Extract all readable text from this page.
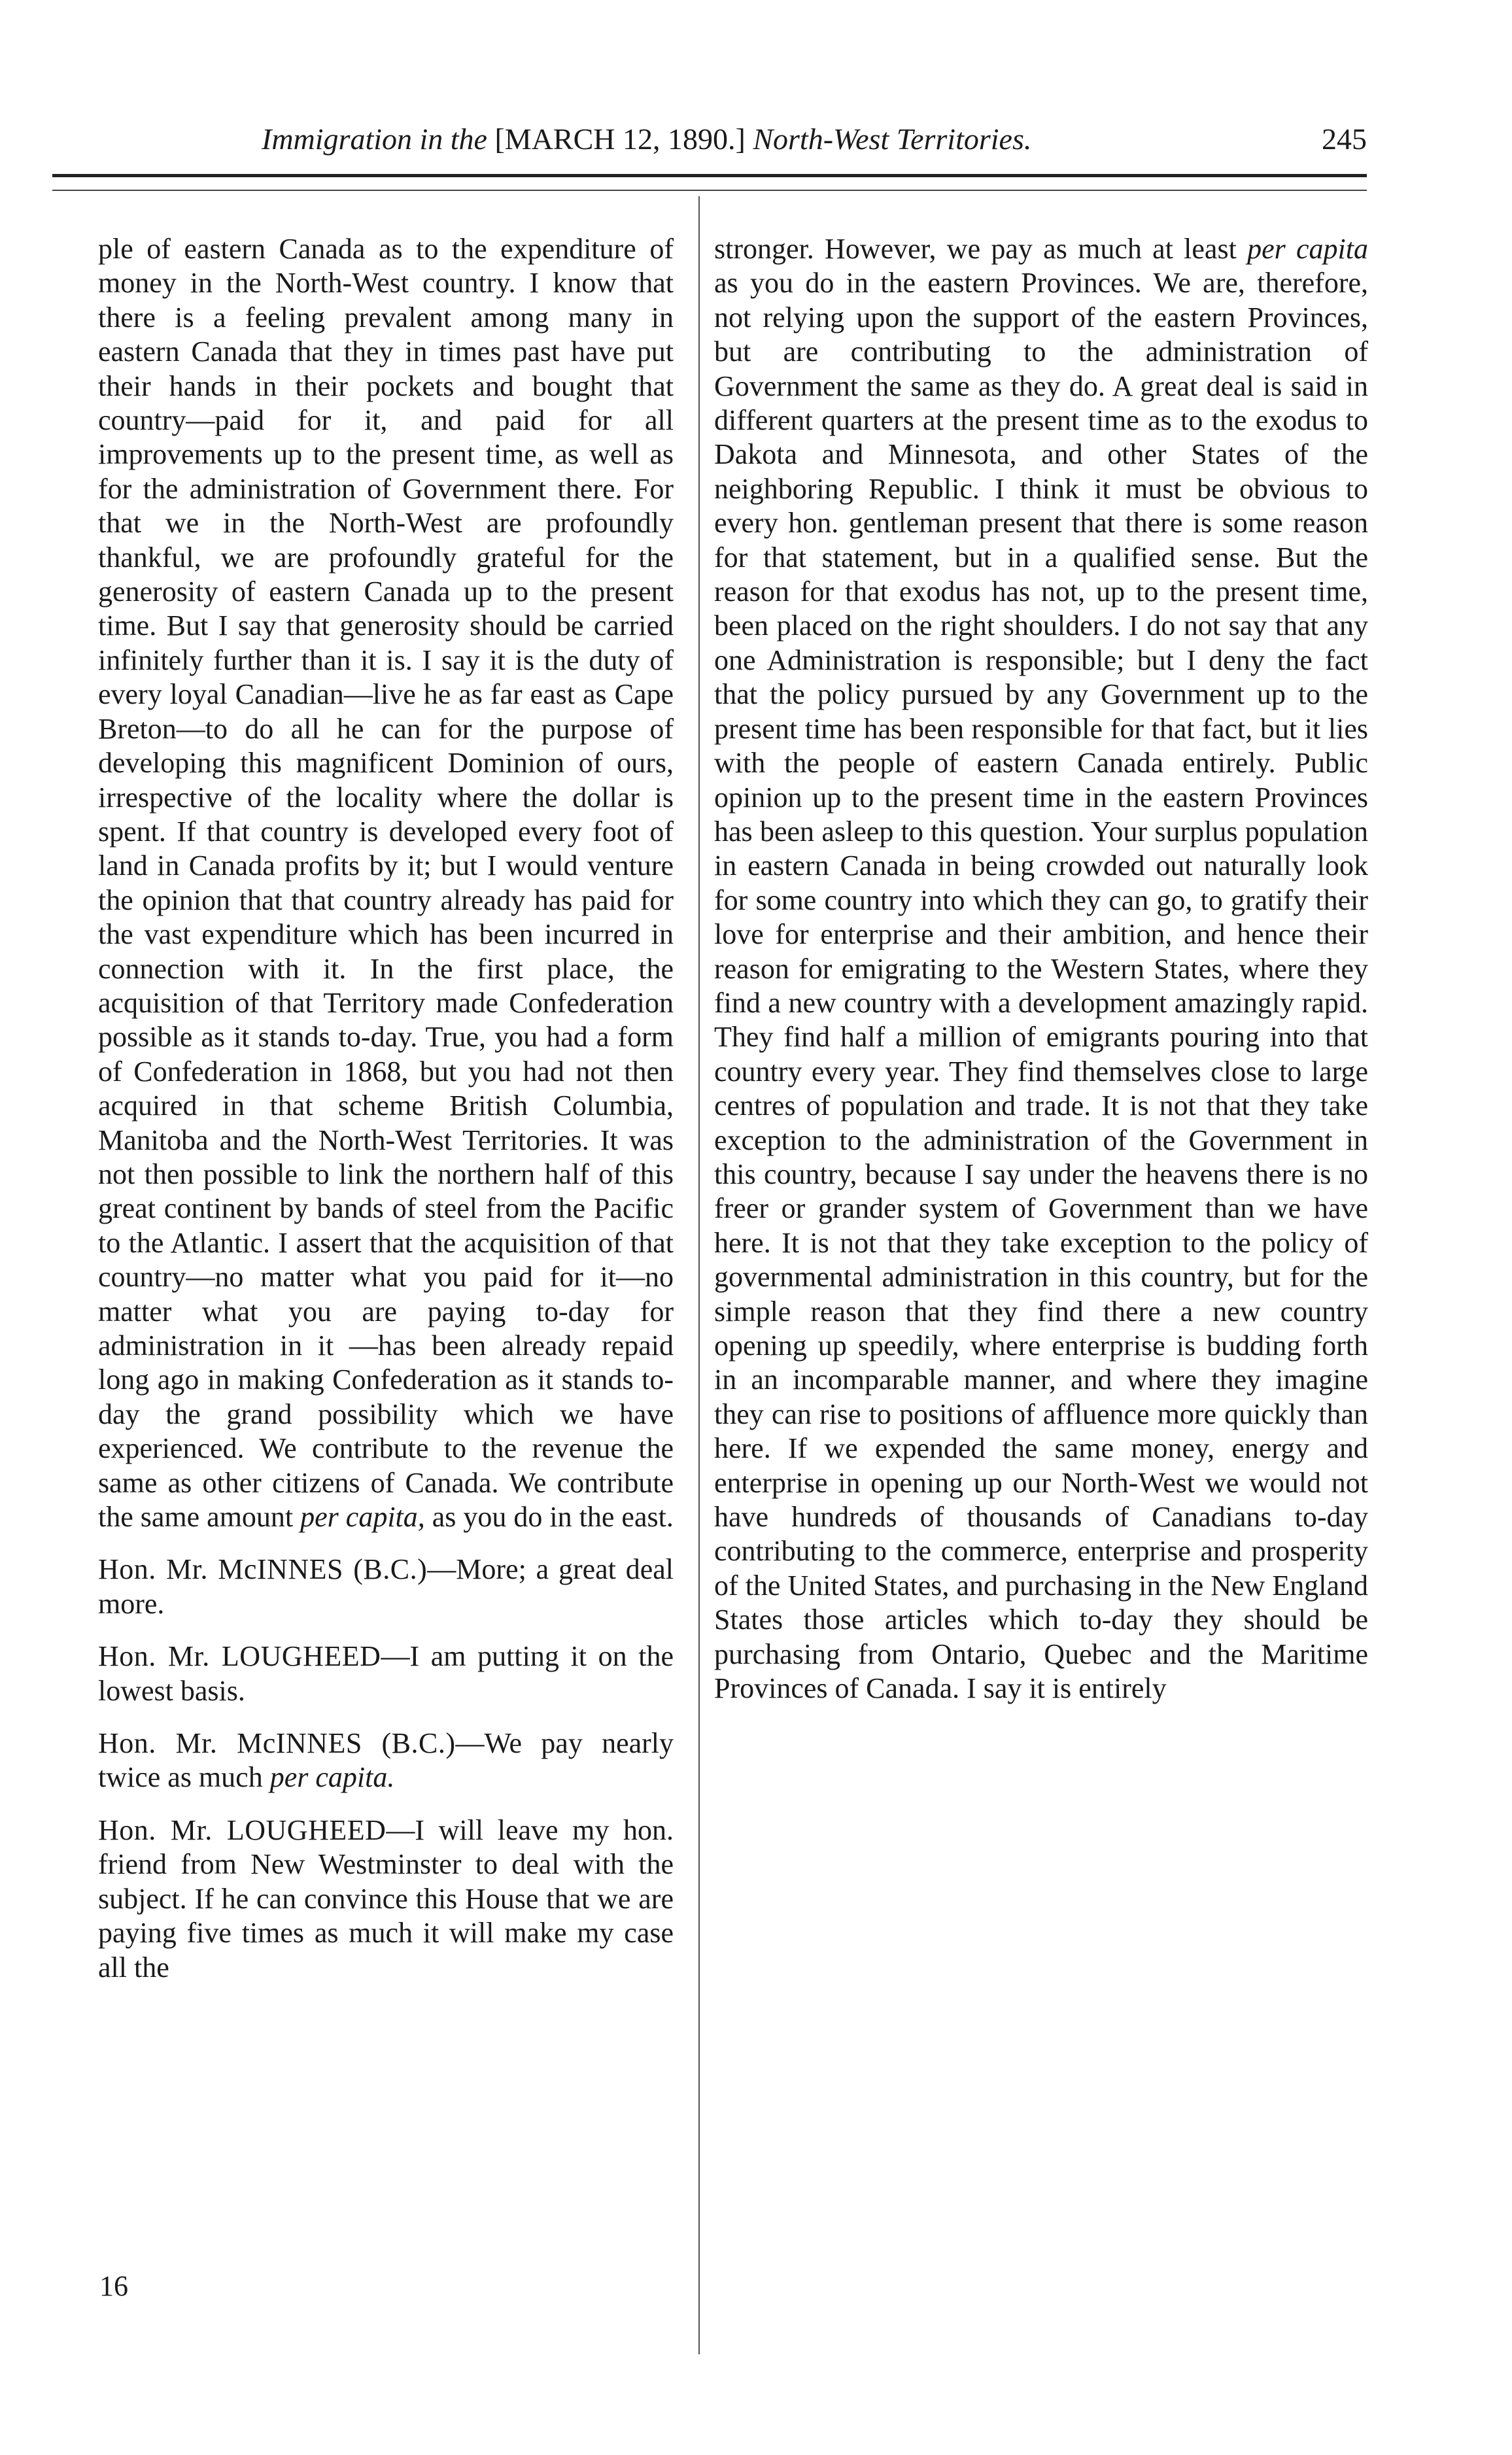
Immigration in the [MARCH 12, 1890.] North-West Territories.	245

ple of eastern Canada as to the expenditure of money in the North-West country. I know that there is a feeling prevalent among many in eastern Canada that they in times past have put their hands in their pockets and bought that country—paid for it, and paid for all improvements up to the present time, as well as for the administration of Government there. For that we in the North-West are profoundly thankful, we are profoundly grateful for the generosity of eastern Canada up to the present time. But I say that generosity should be carried infinitely further than it is. I say it is the duty of every loyal Canadian—live he as far east as Cape Breton—to do all he can for the purpose of developing this magnificent Dominion of ours, irrespective of the locality where the dollar is spent. If that country is developed every foot of land in Canada profits by it; but I would venture the opinion that that country already has paid for the vast expenditure which has been incurred in connection with it. In the first place, the acquisition of that Territory made Confederation possible as it stands to-day. True, you had a form of Confederation in 1868, but you had not then acquired in that scheme British Columbia, Manitoba and the North-West Territories. It was not then possible to link the northern half of this great continent by bands of steel from the Pacific to the Atlantic. I assert that the acquisition of that country—no matter what you paid for it—no matter what you are paying to-day for administration in it —has been already repaid long ago in making Confederation as it stands to-day the grand possibility which we have experienced. We contribute to the revenue the same as other citizens of Canada. We contribute the same amount per capita, as you do in the east.

Hon. Mr. McINNES (B.C.)—More; a great deal more.

Hon. Mr. LOUGHEED—I am putting it on the lowest basis.

Hon. Mr. McINNES (B.C.)—We pay nearly twice as much per capita.

Hon. Mr. LOUGHEED—I will leave my hon. friend from New Westminster to deal with the subject. If he can convince this House that we are paying five times as much it will make my case all the

stronger. However, we pay as much at least per capita as you do in the eastern Provinces. We are, therefore, not relying upon the support of the eastern Provinces, but are contributing to the administration of Government the same as they do. A great deal is said in different quarters at the present time as to the exodus to Dakota and Minnesota, and other States of the neighboring Republic. I think it must be obvious to every hon. gentleman present that there is some reason for that statement, but in a qualified sense. But the reason for that exodus has not, up to the present time, been placed on the right shoulders. I do not say that any one Administration is responsible; but I deny the fact that the policy pursued by any Government up to the present time has been responsible for that fact, but it lies with the people of eastern Canada entirely. Public opinion up to the present time in the eastern Provinces has been asleep to this question. Your surplus population in eastern Canada in being crowded out naturally look for some country into which they can go, to gratify their love for enterprise and their ambition, and hence their reason for emigrating to the Western States, where they find a new country with a development amazingly rapid. They find half a million of emigrants pouring into that country every year. They find themselves close to large centres of population and trade. It is not that they take exception to the administration of the Government in this country, because I say under the heavens there is no freer or grander system of Government than we have here. It is not that they take exception to the policy of governmental administration in this country, but for the simple reason that they find there a new country opening up speedily, where enterprise is budding forth in an incomparable manner, and where they imagine they can rise to positions of affluence more quickly than here. If we expended the same money, energy and enterprise in opening up our North-West we would not have hundreds of thousands of Canadians to-day contributing to the commerce, enterprise and prosperity of the United States, and purchasing in the New England States those articles which to-day they should be purchasing from Ontario, Quebec and the Maritime Provinces of Canada. I say it is entirely

16
